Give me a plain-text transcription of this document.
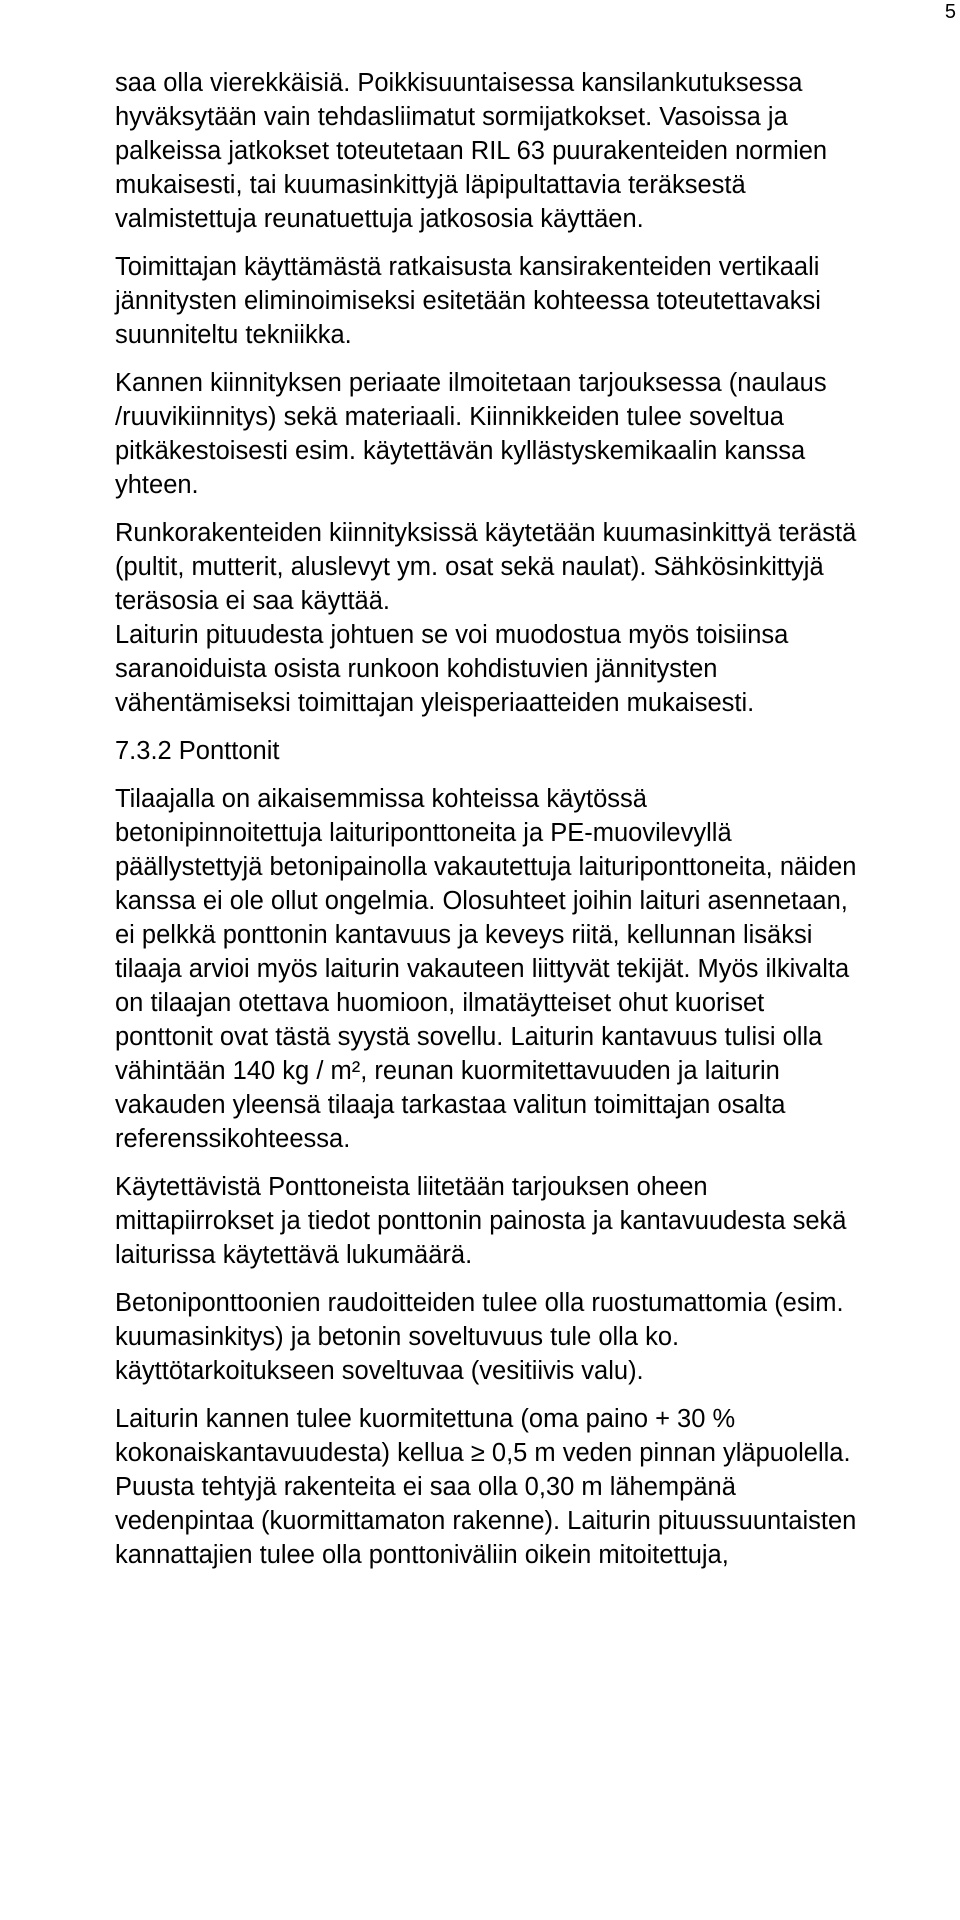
5

saa olla vierekkäisiä. Poikkisuuntaisessa kansilankutuksessa
hyväksytään vain tehdasliimatut sormijatkokset. Vasoissa ja
palkeissa jatkokset toteutetaan RIL 63 puurakenteiden normien
mukaisesti, tai kuumasinkittyjä läpipultattavia teräksestä
valmistettuja reunatuettuja jatkososia käyttäen.

Toimittajan käyttämästä ratkaisusta kansirakenteiden vertikaali
jännitysten eliminoimiseksi esitetään kohteessa toteutettavaksi
suunniteltu tekniikka.

Kannen kiinnityksen periaate ilmoitetaan tarjouksessa (naulaus
/ruuvikiinnitys) sekä materiaali. Kiinnikkeiden tulee soveltua
pitkäkestoisesti esim. käytettävän kyllästyskemikaalin kanssa
yhteen.

Runkorakenteiden kiinnityksissä käytetään kuumasinkittyä terästä
(pultit, mutterit, aluslevyt ym. osat sekä naulat). Sähkösinkittyjä
teräsosia ei saa käyttää.

Laiturin pituudesta johtuen se voi muodostua myös toisiinsa
saranoiduista osista runkoon kohdistuvien jännitysten
vähentämiseksi toimittajan yleisperiaatteiden mukaisesti.

7.3.2 Ponttonit

Tilaajalla on aikaisemmissa kohteissa käytössä
betonipinnoitettuja laituriponttoneita ja PE-muovilevyllä
päällystettyjä betonipainolla vakautettuja laituriponttoneita, näiden
kanssa ei ole ollut ongelmia. Olosuhteet joihin laituri asennetaan,
ei pelkkä ponttonin kantavuus ja keveys riitä, kellunnan lisäksi
tilaaja arvioi myös laiturin vakauteen liittyvät tekijät. Myös ilkivalta
on tilaajan otettava huomioon, ilmatäytteiset ohut kuoriset
ponttonit ovat tästä syystä sovellu. Laiturin kantavuus tulisi olla
vähintään 140 kg / m², reunan kuormitettavuuden ja laiturin
vakauden yleensä tilaaja tarkastaa valitun toimittajan osalta
referenssikohteessa.

Käytettävistä Ponttoneista liitetään tarjouksen oheen
mittapiirrokset ja tiedot ponttonin painosta ja kantavuudesta sekä
laiturissa käytettävä lukumäärä.

Betoniponttoonien raudoitteiden tulee olla ruostumattomia (esim.
kuumasinkitys) ja betonin soveltuvuus tule olla ko.
käyttötarkoitukseen soveltuvaa (vesitiivis valu).

Laiturin kannen tulee kuormitettuna (oma paino + 30 %
kokonaiskantavuudesta) kellua ≥ 0,5 m veden pinnan yläpuolella.
Puusta tehtyjä rakenteita ei saa olla 0,30 m lähempänä
vedenpintaa (kuormittamaton rakenne). Laiturin pituussuuntaisten
kannattajien tulee olla ponttoniväliin oikein mitoitettuja,
